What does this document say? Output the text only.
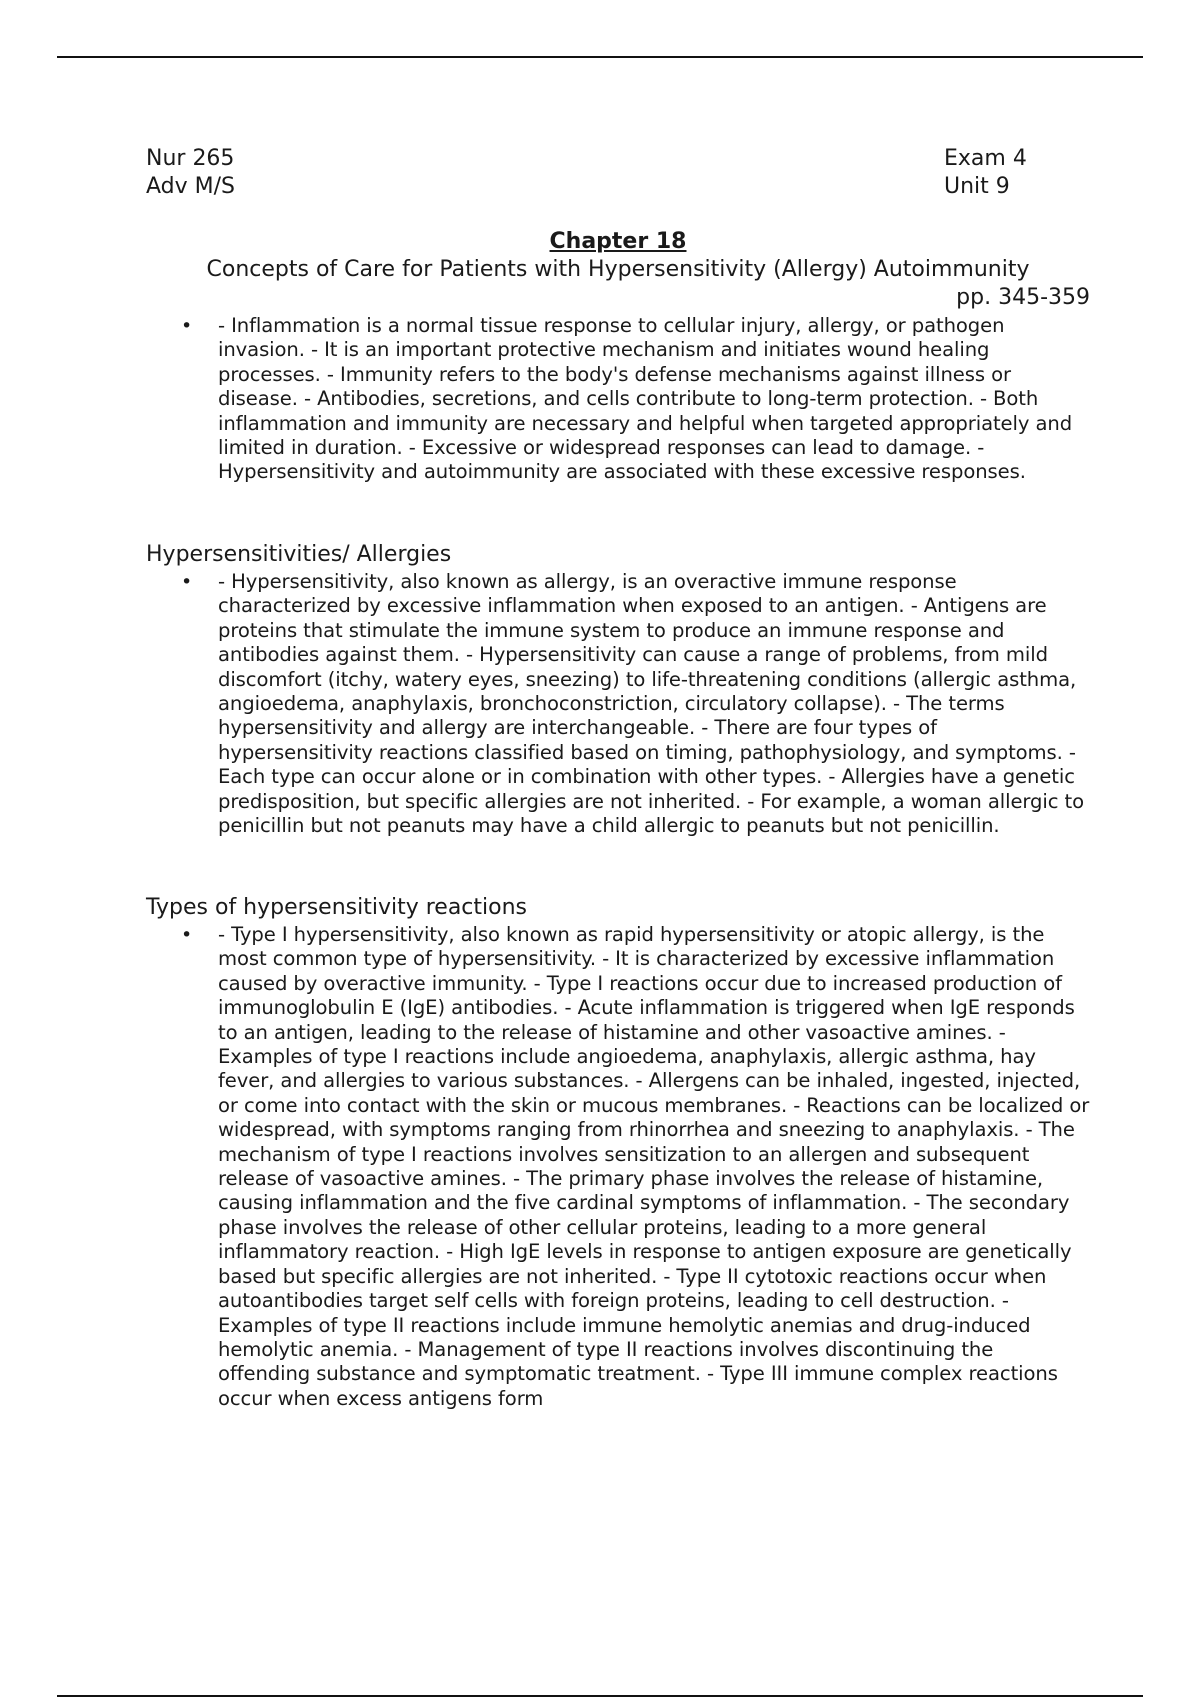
Nur 265
Adv M/S
Exam 4
Unit 9
Chapter 18
Concepts of Care for Patients with Hypersensitivity (Allergy) Autoimmunity
pp. 345-359
• - Inflammation is a normal tissue response to cellular injury, allergy, or pathogen invasion. - It is an important protective mechanism and initiates wound healing processes. - Immunity refers to the body's defense mechanisms against illness or disease. - Antibodies, secretions, and cells contribute to long-term protection. - Both inflammation and immunity are necessary and helpful when targeted appropriately and limited in duration. - Excessive or widespread responses can lead to damage. - Hypersensitivity and autoimmunity are associated with these excessive responses.
Hypersensitivities/ Allergies
• - Hypersensitivity, also known as allergy, is an overactive immune response characterized by excessive inflammation when exposed to an antigen. - Antigens are proteins that stimulate the immune system to produce an immune response and antibodies against them. - Hypersensitivity can cause a range of problems, from mild discomfort (itchy, watery eyes, sneezing) to life-threatening conditions (allergic asthma, angioedema, anaphylaxis, bronchoconstriction, circulatory collapse). - The terms hypersensitivity and allergy are interchangeable. - There are four types of hypersensitivity reactions classified based on timing, pathophysiology, and symptoms. - Each type can occur alone or in combination with other types. - Allergies have a genetic predisposition, but specific allergies are not inherited. - For example, a woman allergic to penicillin but not peanuts may have a child allergic to peanuts but not penicillin.
Types of hypersensitivity reactions
• - Type I hypersensitivity, also known as rapid hypersensitivity or atopic allergy, is the most common type of hypersensitivity. - It is characterized by excessive inflammation caused by overactive immunity. - Type I reactions occur due to increased production of immunoglobulin E (IgE) antibodies. - Acute inflammation is triggered when IgE responds to an antigen, leading to the release of histamine and other vasoactive amines. - Examples of type I reactions include angioedema, anaphylaxis, allergic asthma, hay fever, and allergies to various substances. - Allergens can be inhaled, ingested, injected, or come into contact with the skin or mucous membranes. - Reactions can be localized or widespread, with symptoms ranging from rhinorrhea and sneezing to anaphylaxis. - The mechanism of type I reactions involves sensitization to an allergen and subsequent release of vasoactive amines. - The primary phase involves the release of histamine, causing inflammation and the five cardinal symptoms of inflammation. - The secondary phase involves the release of other cellular proteins, leading to a more general inflammatory reaction. - High IgE levels in response to antigen exposure are genetically based but specific allergies are not inherited. - Type II cytotoxic reactions occur when autoantibodies target self cells with foreign proteins, leading to cell destruction. - Examples of type II reactions include immune hemolytic anemias and drug-induced hemolytic anemia. - Management of type II reactions involves discontinuing the offending substance and symptomatic treatment. - Type III immune complex reactions occur when excess antigens form
